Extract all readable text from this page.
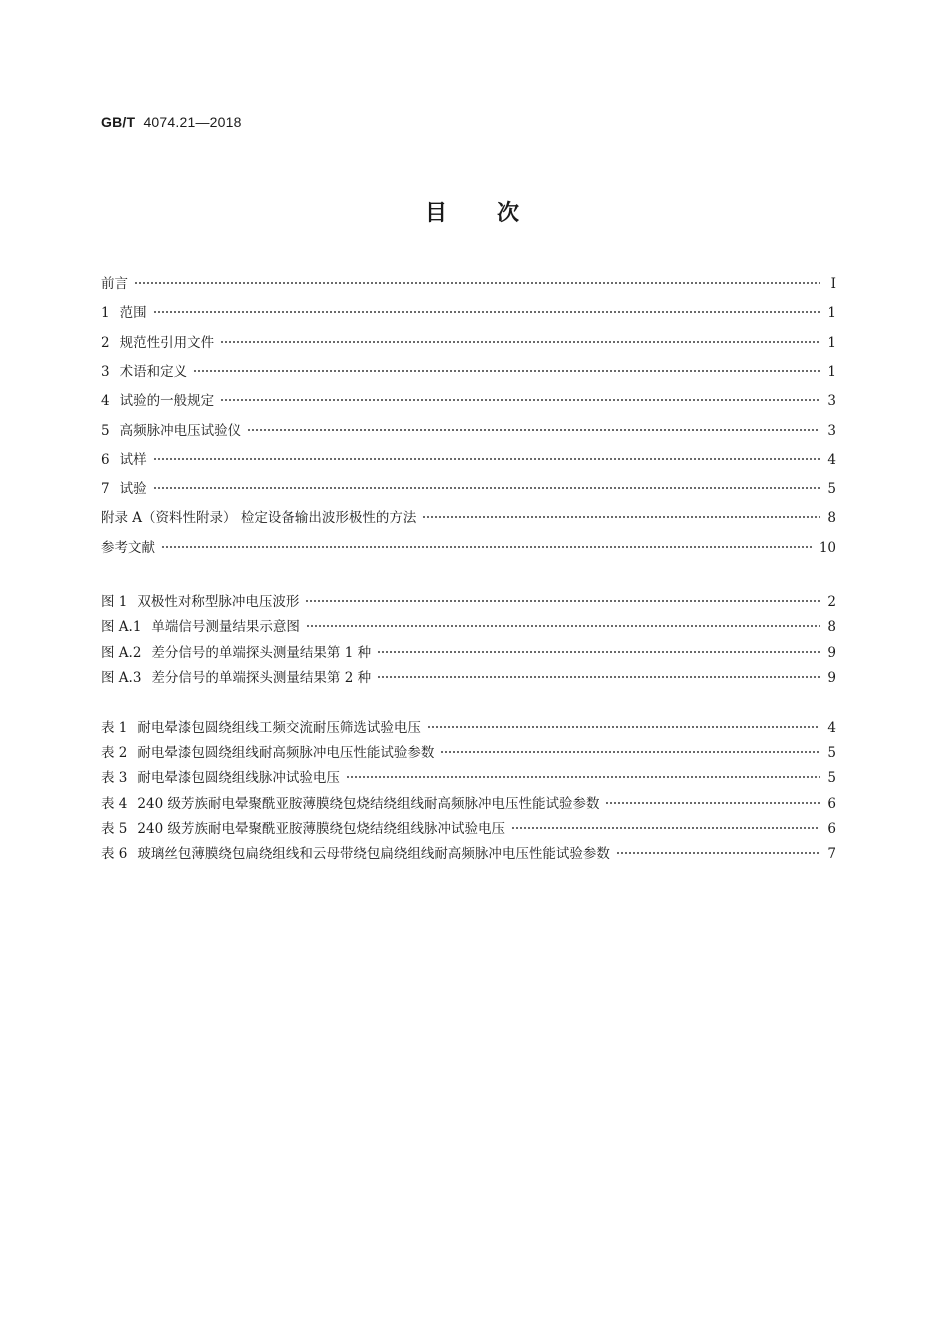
GB/T 4074.21—2018
目次
前言	Ⅰ
1 范围	1
2 规范性引用文件	1
3 术语和定义	1
4 试验的一般规定	3
5 高频脉冲电压试验仪	3
6 试样	4
7 试验	5
附录 A（资料性附录） 检定设备输出波形极性的方法	8
参考文献	10
图 1 双极性对称型脉冲电压波形	2
图 A.1 单端信号测量结果示意图	8
图 A.2 差分信号的单端探头测量结果第 1 种	9
图 A.3 差分信号的单端探头测量结果第 2 种	9
表 1 耐电晕漆包圆绕组线工频交流耐压筛选试验电压	4
表 2 耐电晕漆包圆绕组线耐高频脉冲电压性能试验参数	5
表 3 耐电晕漆包圆绕组线脉冲试验电压	5
表 4 240 级芳族耐电晕聚酰亚胺薄膜绕包烧结绕组线耐高频脉冲电压性能试验参数	6
表 5 240 级芳族耐电晕聚酰亚胺薄膜绕包烧结绕组线脉冲试验电压	6
表 6 玻璃丝包薄膜绕包扁绕组线和云母带绕包扁绕组线耐高频脉冲电压性能试验参数	7
